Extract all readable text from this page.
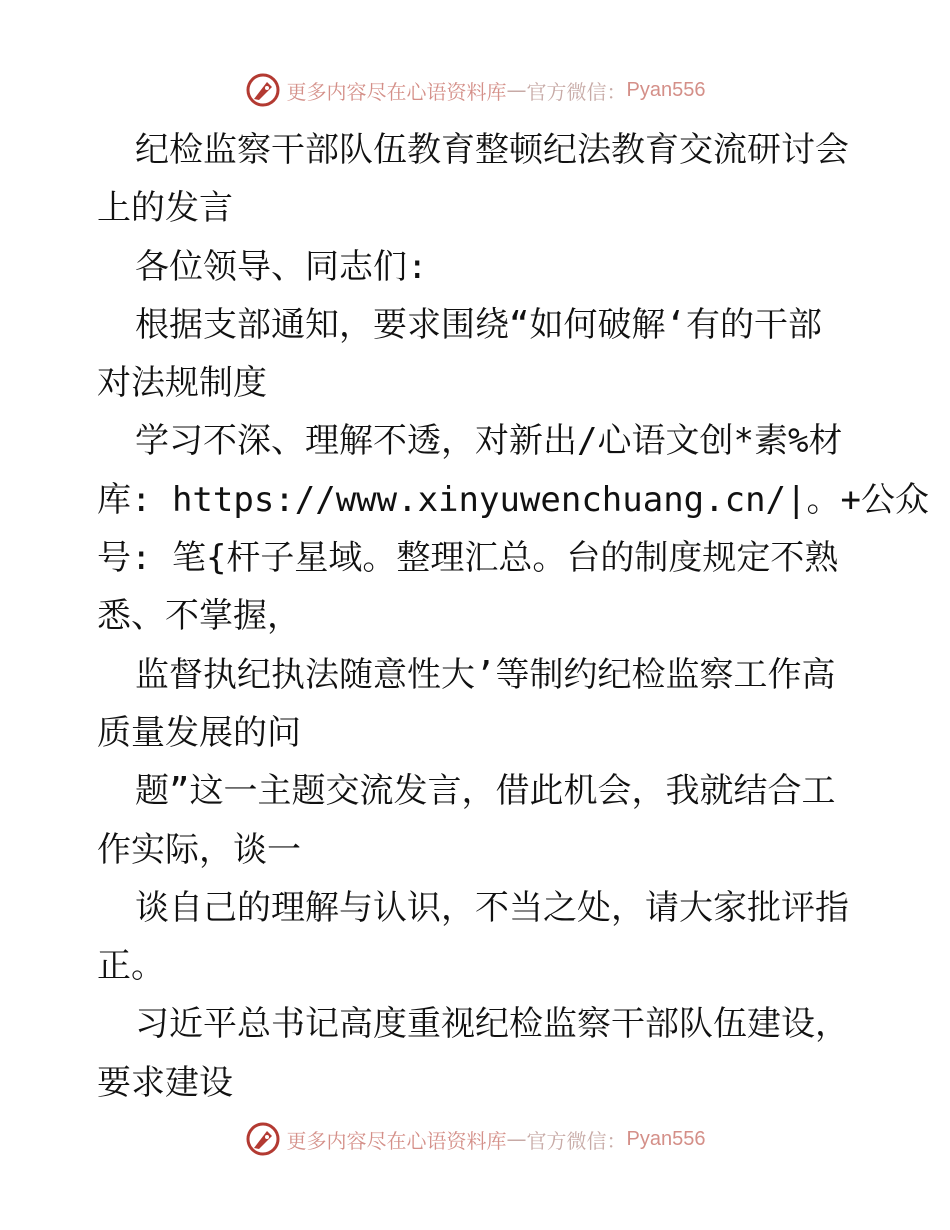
更多内容尽在心语资料库 — 官方微信： Pyan556
纪检监察干部队伍教育整顿纪法教育交流研讨会
上的发言
各位领导、同志们:
根据支部通知，要求围绕“如何破解‘有的干部
对法规制度
学习不深、理解不透，对新出/心语文创*素%材
库: https://www.xinyuwenchuang.cn/|。+公众
号: 笔{杆子星域。整理汇总。台的制度规定不熟
悉、不掌握，
监督执纪执法随意性大’等制约纪检监察工作高
质量发展的问
题”这一主题交流发言，借此机会，我就结合工
作实际，谈一
谈自己的理解与认识，不当之处，请大家批评指
正。
习近平总书记高度重视纪检监察干部队伍建设，
要求建设
更多内容尽在心语资料库 — 官方微信： Pyan556
